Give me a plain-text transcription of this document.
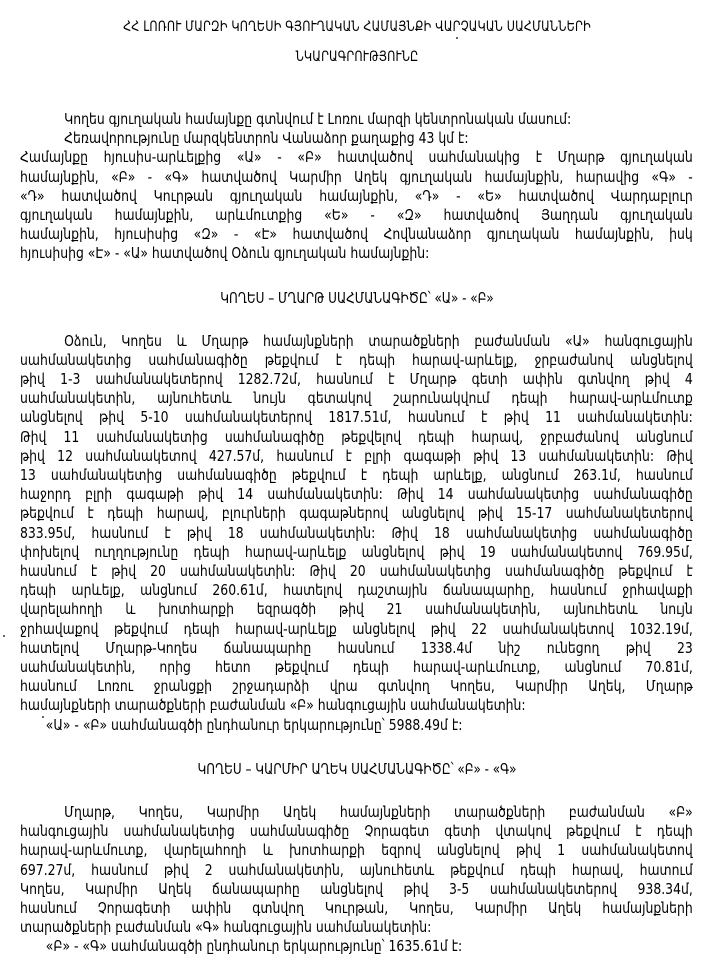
ՀՀ ԼՈՌՈՒ ՄԱՐԶԻ ԿՈՂԵՍԻ ԳՅՈՒՂԱԿԱՆ ՀԱՄԱՅՆՔԻ ՎԱՐՉԱԿԱՆ ՍԱՀՄԱՆՆԵՐԻ
ՆԿԱՐԱԳՐՈՒԹՅՈՒՆԸ
Կողես գյուղական համայնքը գտնվում է Լոռու մարզի կենտրոնական մասում:
Հեռավորությունը մարզկենտրոն Վանաձոր քաղաքից 43 կմ է:
Համայնքը հյուսիս-արևելքից «Ա» - «Բ» հատվածով սահմանակից է Մղարթ գյուղական
համայնքին, «Բ» - «Գ» հատվածով Կարմիր Աղեկ գյուղական համայնքին, հարավից «Գ» -
«Դ» հատվածով Կուրթան գյուղական համայնքին, «Դ» - «Ե» հատվածով Վարդաբլուր
գյուղական համայնքին, արևմուտքից «Ե» - «Զ» հատվածով Յաղդան գյուղական
համայնքին, հյուսիսից «Զ» - «Է» հատվածով Հովնանաձոր գյուղական համայնքին, իսկ
հյուսիսից «Է» - «Ա» հատվածով Օձուն գյուղական համայնքին:
ԿՈՂԵՍ – ՄՂԱՐԹ ՍԱՀՄԱՆԱԳԻԾԸ՝ «Ա» - «Բ»
Օձուն, Կողես և Մղարթ համայնքների տարածքների բաժանման «Ա» հանգուցային
սահմանակետից սահմանագիծը թեքվում է դեպի հարավ-արևելք, ջրբաժանով անցնելով
թիվ 1-3 սահմանակետերով 1282.72մ, հասնում է Մղարթ գետի ափին գտնվող թիվ 4
սահմանակետին, այնուհետև նույն գետակով շարունակվում դեպի հարավ-արևմուտք
անցնելով թիվ 5-10 սահմանակետերով 1817.51մ, հասնում է թիվ 11 սահմանակետին:
Թիվ 11 սահմանակետից սահմանագիծը թեքվելով դեպի հարավ, ջրբաժանով անցնում
թիվ 12 սահմանակետով 427.57մ, հասնում է բլրի գագաթի թիվ 13 սահմանակետին: Թիվ
13 սահմանակետից սահմանագիծը թեքվում է դեպի արևելք, անցնում 263.1մ, հասնում
հաջորդ բլրի գագաթի թիվ 14 սահմանակետին: Թիվ 14 սահմանակետից սահմանագիծը
թեքվում է դեպի հարավ, բլուրների գագաթներով անցնելով թիվ 15-17 սահմանակետերով
833.95մ, հասնում է թիվ 18 սահմանակետին: Թիվ 18 սահմանակետից սահմանագիծը
փոխելով ուղղությունը դեպի հարավ-արևելք անցնելով թիվ 19 սահմանակետով 769.95մ,
հասնում է թիվ 20 սահմանակետին: Թիվ 20 սահմանակետից սահմանագիծը թեքվում է
դեպի արևելք, անցնում 260.61մ, հատելով դաշտային ճանապարհը, հասնում ջրհավաքի
վարելահողի և խոտհարքի եզրագծի թիվ 21 սահմանակետին, այնուհետև նույն
ջրհավաքով թեքվում դեպի հարավ-արևելք անցնելով թիվ 22 սահմանակետով 1032.19մ,
հատելով Մղարթ-Կողես ճանապարհը հասնում 1338.4մ նիշ ունեցող թիվ 23
սահմանակետին, որից հետո թեքվում դեպի հարավ-արևմուտք, անցնում 70.81մ,
հասնում Լոռու ջրանցքի շրջադարձի վրա գտնվող Կողես, Կարմիր Աղեկ, Մղարթ
համայնքների տարածքների բաժանման «Բ» հանգուցային սահմանակետին:
«Ա» - «Բ» սահմանագծի ընդհանուր երկարությունը՝ 5988.49մ է:
ԿՈՂԵՍ – ԿԱՐՄԻՐ ԱՂԵԿ ՍԱՀՄԱՆԱԳԻԾԸ՝ «Բ» - «Գ»
Մղարթ, Կողես, Կարմիր Աղեկ համայնքների տարածքների բաժանման «Բ»
հանգուցային սահմանակետից սահմանագիծը Չորագետ գետի վտակով թեքվում է դեպի
հարավ-արևմուտք, վարելահողի և խոտհարքի եզրով անցնելով թիվ 1 սահմանակետով
697.27մ, հասնում թիվ 2 սահմանակետին, այնուհետև թեքվում դեպի հարավ, հատում
Կողես, Կարմիր Աղեկ ճանապարհը անցնելով թիվ 3-5 սահմանակետերով 938.34մ,
հասնում Չորագետի ափին գտնվող Կուրթան, Կողես, Կարմիր Աղեկ համայնքների
տարածքների բաժանման «Գ» հանգուցային սահմանակետին:
«Բ» - «Գ» սահմանագծի ընդհանուր երկարությունը՝ 1635.61մ է:
